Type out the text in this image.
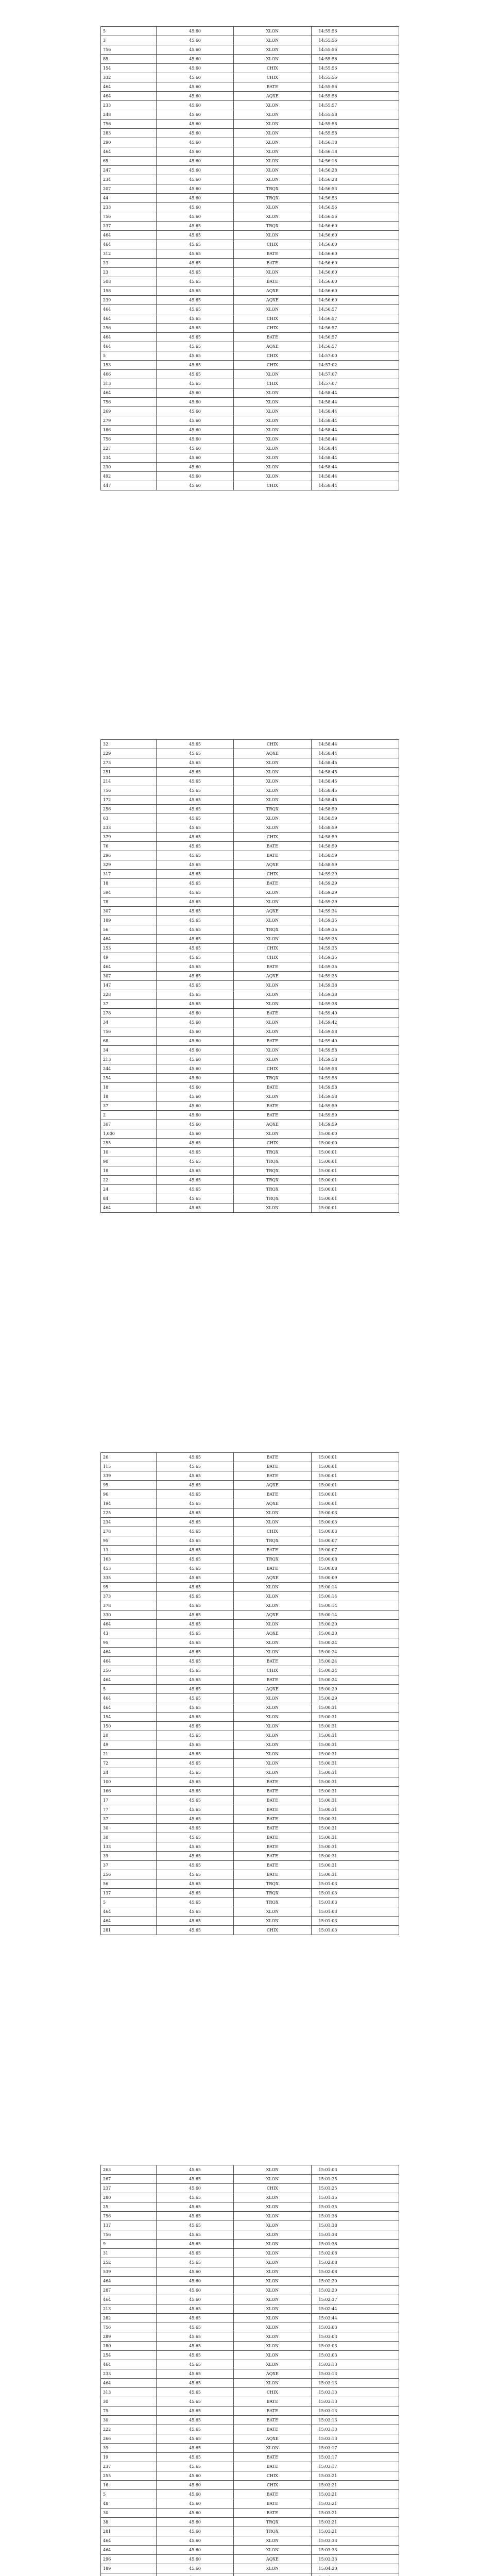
5	45.60	XLON	14:55:56
3	45.60	XLON	14:55:56
756	45.60	XLON	14:55:56
85	45.60	XLON	14:55:56
154	45.60	CHIX	14:55:56
332	45.60	CHIX	14:55:56
464	45.60	BATE	14:55:56
464	45.60	AQXE	14:55:56
233	45.60	XLON	14:55:57
248	45.60	XLON	14:55:58
756	45.60	XLON	14:55:58
283	45.60	XLON	14:55:58
290	45.60	XLON	14:56:18
464	45.60	XLON	14:56:18
65	45.60	XLON	14:56:18
247	45.60	XLON	14:56:28
234	45.60	XLON	14:56:28
207	45.60	TRQX	14:56:53
44	45.60	TRQX	14:56:53
233	45.60	XLON	14:56:56
756	45.60	XLON	14:56:56
237	45.65	TRQX	14:56:60
464	45.65	XLON	14:56:60
464	45.65	CHIX	14:56:60
312	45.65	BATE	14:56:60
23	45.65	BATE	14:56:60
23	45.65	XLON	14:56:60
508	45.65	BATE	14:56:60
158	45.65	AQXE	14:56:60
239	45.65	AQXE	14:56:60
464	45.65	XLON	14:56:57
464	45.65	CHIX	14:56:57
256	45.65	CHIX	14:56:57
464	45.65	BATE	14:56:57
464	45.65	AQXE	14:56:57
5	45.65	CHIX	14:57:00
153	45.65	CHIX	14:57:02
466	45.65	XLON	14:57:07
313	45.65	CHIX	14:57:07
464	45.60	XLON	14:58:44
756	45.60	XLON	14:58:44
269	45.60	XLON	14:58:44
279	45.60	XLON	14:58:44
186	45.60	XLON	14:58:44
756	45.60	XLON	14:58:44
227	45.60	XLON	14:58:44
234	45.60	XLON	14:58:44
230	45.60	XLON	14:58:44
492	45.60	XLON	14:58:44
447	45.60	CHIX	14:58:44
32	45.65	CHIX	14:58:44
229	45.65	AQXE	14:58:44
273	45.65	XLON	14:58:45
251	45.65	XLON	14:58:45
214	45.65	XLON	14:58:45
756	45.65	XLON	14:58:45
172	45.65	XLON	14:58:45
256	45.65	TRQX	14:58:59
63	45.65	XLON	14:58:59
233	45.65	XLON	14:58:59
379	45.65	CHIX	14:58:59
76	45.65	BATE	14:58:59
296	45.65	BATE	14:58:59
329	45.65	AQXE	14:58:59
317	45.65	CHIX	14:59:29
18	45.65	BATE	14:59:29
594	45.65	XLON	14:59:29
78	45.65	XLON	14:59:29
307	45.65	AQXE	14:59:34
189	45.65	XLON	14:59:35
56	45.65	TRQX	14:59:35
464	45.65	XLON	14:59:35
253	45.65	CHIX	14:59:35
49	45.65	CHIX	14:59:35
464	45.65	BATE	14:59:35
307	45.65	AQXE	14:59:35
147	45.65	XLON	14:59:38
228	45.65	XLON	14:59:38
37	45.65	XLON	14:59:38
278	45.60	BATE	14:59:40
34	45.60	XLON	14:59:42
756	45.60	XLON	14:59:58
68	45.60	BATE	14:59:40
34	45.60	XLON	14:59:58
213	45.60	XLON	14:59:58
244	45.60	CHIX	14:59:58
254	45.60	TRQX	14:59:58
18	45.60	BATE	14:59:58
18	45.60	XLON	14:59:58
37	45.60	BATE	14:59:59
2	45.60	BATE	14:59:59
307	45.60	AQXE	14:59:59
1,000	45.60	XLON	15:00:00
255	45.65	CHIX	15:00:00
10	45.65	TRQX	15:00:01
90	45.65	TRQX	15:00:01
18	45.65	TRQX	15:00:01
22	45.65	TRQX	15:00:01
24	45.65	TRQX	15:00:01
84	45.65	TRQX	15:00:01
464	45.65	XLON	15:00:01
26	45.65	BATE	15:00:01
115	45.65	BATE	15:00:01
339	45.65	BATE	15:00:01
95	45.65	AQXE	15:00:01
96	45.65	BATE	15:00:01
194	45.65	AQXE	15:00:01
225	45.65	XLON	15:00:03
234	45.65	XLON	15:00:03
278	45.65	CHIX	15:00:03
95	45.65	TRQX	15:00:07
13	45.65	BATE	15:00:07
163	45.65	TRQX	15:00:08
453	45.65	BATE	15:00:08
335	45.65	AQXE	15:00:09
95	45.65	XLON	15:00:14
373	45.65	XLON	15:00:14
378	45.65	XLON	15:00:14
330	45.65	AQXE	15:00:14
464	45.65	XLON	15:00:20
43	45.65	AQXE	15:00:20
95	45.65	XLON	15:00:24
464	45.65	XLON	15:00:24
464	45.65	BATE	15:00:24
256	45.65	CHIX	15:00:24
464	45.65	BATE	15:00:24
5	45.65	AQXE	15:00:29
464	45.65	XLON	15:00:29
464	45.65	XLON	15:00:31
154	45.65	XLON	15:00:31
150	45.65	XLON	15:00:31
20	45.65	XLON	15:00:31
49	45.65	XLON	15:00:31
21	45.65	XLON	15:00:31
72	45.65	XLON	15:00:31
24	45.65	XLON	15:00:31
100	45.65	BATE	15:00:31
166	45.65	BATE	15:00:31
17	45.65	BATE	15:00:31
77	45.65	BATE	15:00:31
37	45.65	BATE	15:00:31
30	45.65	BATE	15:00:31
30	45.65	BATE	15:00:31
133	45.65	BATE	15:00:31
39	45.65	BATE	15:00:31
37	45.65	BATE	15:00:31
256	45.65	BATE	15:00:31
56	45.65	TRQX	15:01:03
137	45.65	TRQX	15:01:03
5	45.65	TRQX	15:01:03
464	45.65	XLON	15:01:03
464	45.65	XLON	15:01:03
281	45.65	CHIX	15:01:03
263	45.65	XLON	15:01:03
267	45.65	XLON	15:01:25
237	45.60	CHIX	15:01:25
280	45.65	XLON	15:01:35
25	45.65	XLON	15:01:35
756	45.65	XLON	15:01:38
137	45.65	XLON	15:01:38
756	45.65	XLON	15:01:38
9	45.65	XLON	15:01:38
31	45.65	XLON	15:02:08
252	45.65	XLON	15:02:08
539	45.60	XLON	15:02:08
464	45.60	XLON	15:02:20
287	45.60	XLON	15:02:20
464	45.60	XLON	15:02:37
213	45.65	XLON	15:02:44
282	45.65	XLON	15:03:44
756	45.65	XLON	15:03:03
289	45.65	XLON	15:03:03
280	45.65	XLON	15:03:03
254	45.65	XLON	15:03:03
464	45.65	XLON	15:03:13
233	45.65	AQXE	15:03:13
464	45.65	XLON	15:03:13
313	45.65	CHIX	15:03:13
30	45.65	BATE	15:03:13
75	45.65	BATE	15:03:13
30	45.65	BATE	15:03:13
222	45.65	BATE	15:03:13
266	45.65	AQXE	15:03:13
39	45.65	XLON	15:03:17
19	45.65	BATE	15:03:17
237	45.65	BATE	15:03:17
255	45.60	CHIX	15:03:21
16	45.60	CHIX	15:03:21
5	45.60	BATE	15:03:21
48	45.60	BATE	15:03:21
30	45.60	BATE	15:03:21
38	45.60	TRQX	15:03:21
281	45.60	TRQX	15:03:21
464	45.60	XLON	15:03:33
464	45.60	XLON	15:03:33
296	45.60	AQXE	15:03:33
189	45.60	XLON	15:04:20
